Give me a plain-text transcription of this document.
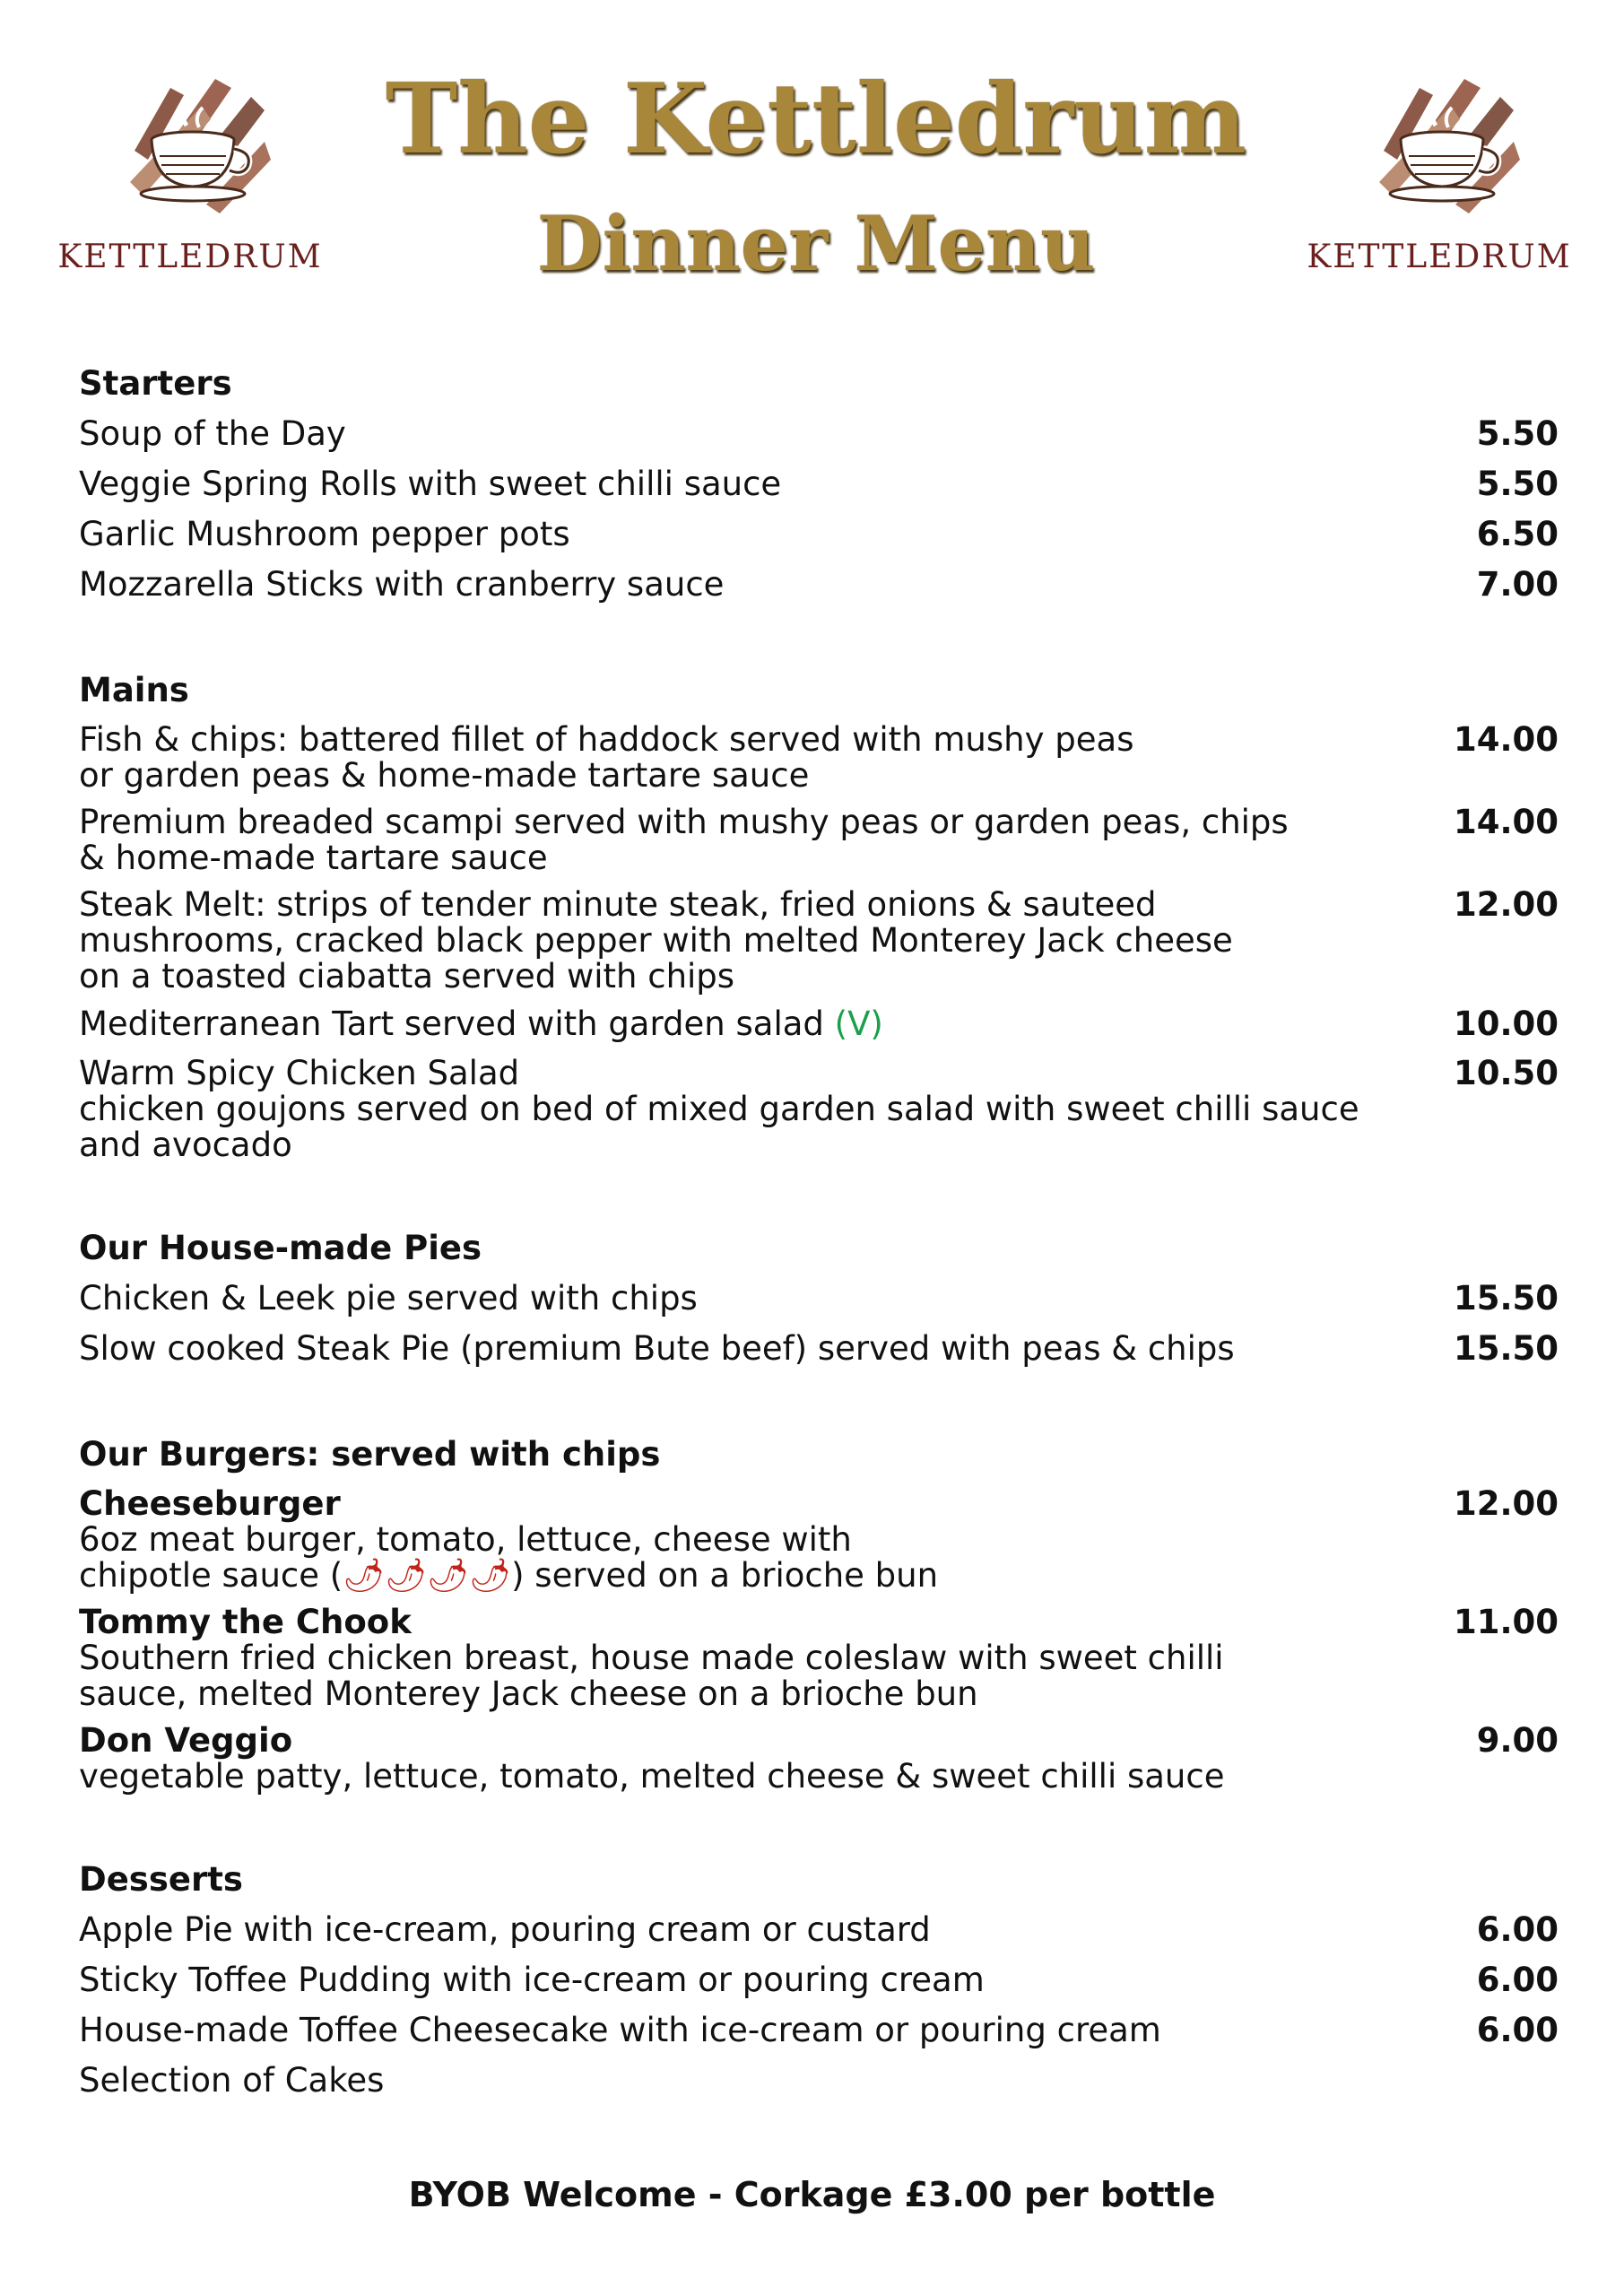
KETTLEDRUM
The Kettledrum
Dinner Menu	KETTLEDRUM
Starters
Soup of the Day	5.50
Veggie Spring Rolls with sweet chilli sauce	5.50
Garlic Mushroom pepper pots	6.50
Mozzarella Sticks with cranberry sauce	7.00
Mains
Fish & chips: battered fillet of haddock served with mushy peas
or garden peas & home-made tartare sauce
14.00
Premium breaded scampi served with mushy peas or garden peas, chips
& home-made tartare sauce
14.00
Steak Melt: strips of tender minute steak, fried onions & sauteed
mushrooms, cracked black pepper with melted Monterey Jack cheese
on a toasted ciabatta served with chips
12.00
Mediterranean Tart served with garden salad (V)	10.00
Warm Spicy Chicken Salad
chicken goujons served on bed of mixed garden salad with sweet chilli sauce
and avocado
10.50
Our House-made Pies
Chicken & Leek pie served with chips	15.50
Slow cooked Steak Pie (premium Bute beef) served with peas & chips	15.50
Our Burgers: served with chips
Cheeseburger
6oz meat burger, tomato, lettuce, cheese with
chipotle sauce (🌶🌶🌶🌶) served on a brioche bun
12.00
Tommy the Chook
Southern fried chicken breast, house made coleslaw with sweet chilli
sauce, melted Monterey Jack cheese on a brioche bun
11.00
Don Veggio
vegetable patty, lettuce, tomato, melted cheese & sweet chilli sauce
9.00
Desserts
Apple Pie with ice-cream, pouring cream or custard	6.00
Sticky Toffee Pudding with ice-cream or pouring cream	6.00
House-made Toffee Cheesecake with ice-cream or pouring cream	6.00
Selection of Cakes
BYOB Welcome - Corkage £3.00 per bottle
